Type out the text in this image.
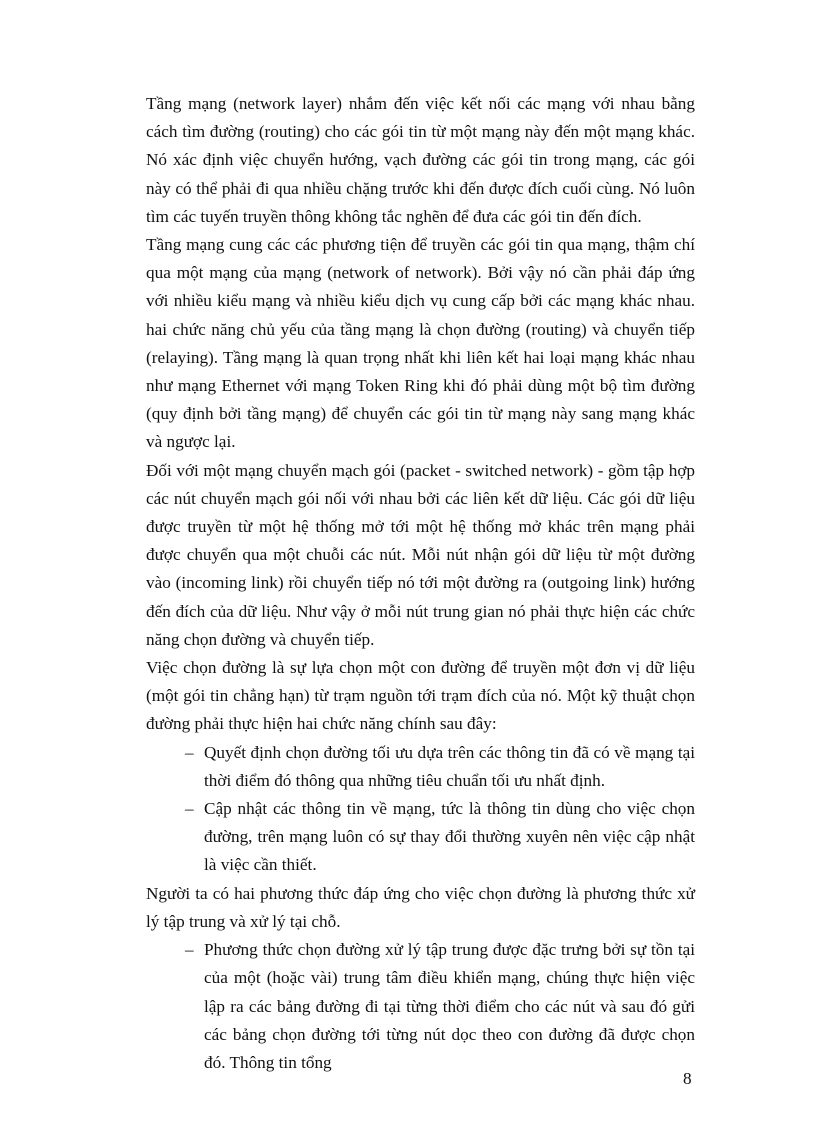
Tầng mạng (network layer) nhắm đến việc kết nối các mạng với nhau bằng cách tìm đường (routing) cho các gói tin từ một mạng này đến một mạng khác. Nó xác định việc chuyển hướng, vạch đường các gói tin trong mạng, các gói này có thể phải đi qua nhiều chặng trước khi đến được đích cuối cùng. Nó luôn tìm các tuyến truyền thông không tắc nghẽn để đưa các gói tin đến đích.

Tầng mạng cung các các phương tiện để truyền các gói tin qua mạng, thậm chí qua một mạng của mạng (network of network). Bởi vậy nó cần phải đáp ứng với nhiều kiểu mạng và nhiều kiểu dịch vụ cung cấp bởi các mạng khác nhau. hai chức năng chủ yếu của tầng mạng là chọn đường (routing) và chuyển tiếp (relaying). Tầng mạng là quan trọng nhất khi liên kết hai loại mạng khác nhau như mạng Ethernet với mạng Token Ring khi đó phải dùng một bộ tìm đường (quy định bởi tầng mạng) để chuyển các gói tin từ mạng này sang mạng khác và ngược lại.

Đối với một mạng chuyển mạch gói (packet - switched network) - gồm tập hợp các nút chuyển mạch gói nối với nhau bởi các liên kết dữ liệu. Các gói dữ liệu được truyền từ một hệ thống mở tới một hệ thống mở khác trên mạng phải được chuyển qua một chuỗi các nút. Mỗi nút nhận gói dữ liệu từ một đường vào (incoming link) rồi chuyển tiếp nó tới một đường ra (outgoing link) hướng đến đích của dữ liệu. Như vậy ở mỗi nút trung gian nó phải thực hiện các chức năng chọn đường và chuyển tiếp.

Việc chọn đường là sự lựa chọn một con đường để truyền một đơn vị dữ liệu (một gói tin chẳng hạn) từ trạm nguồn tới trạm đích của nó. Một kỹ thuật chọn đường phải thực hiện hai chức năng chính sau đây:

– Quyết định chọn đường tối ưu dựa trên các thông tin đã có về mạng tại thời điểm đó thông qua những tiêu chuẩn tối ưu nhất định.
– Cập nhật các thông tin về mạng, tức là thông tin dùng cho việc chọn đường, trên mạng luôn có sự thay đổi thường xuyên nên việc cập nhật là việc cần thiết.

Người ta có hai phương thức đáp ứng cho việc chọn đường là phương thức xử lý tập trung và xử lý tại chỗ.

– Phương thức chọn đường xử lý tập trung được đặc trưng bởi sự tồn tại của một (hoặc vài) trung tâm điều khiển mạng, chúng thực hiện việc lập ra các bảng đường đi tại từng thời điểm cho các nút và sau đó gửi các bảng chọn đường tới từng nút dọc theo con đường đã được chọn đó. Thông tin tổng
8
